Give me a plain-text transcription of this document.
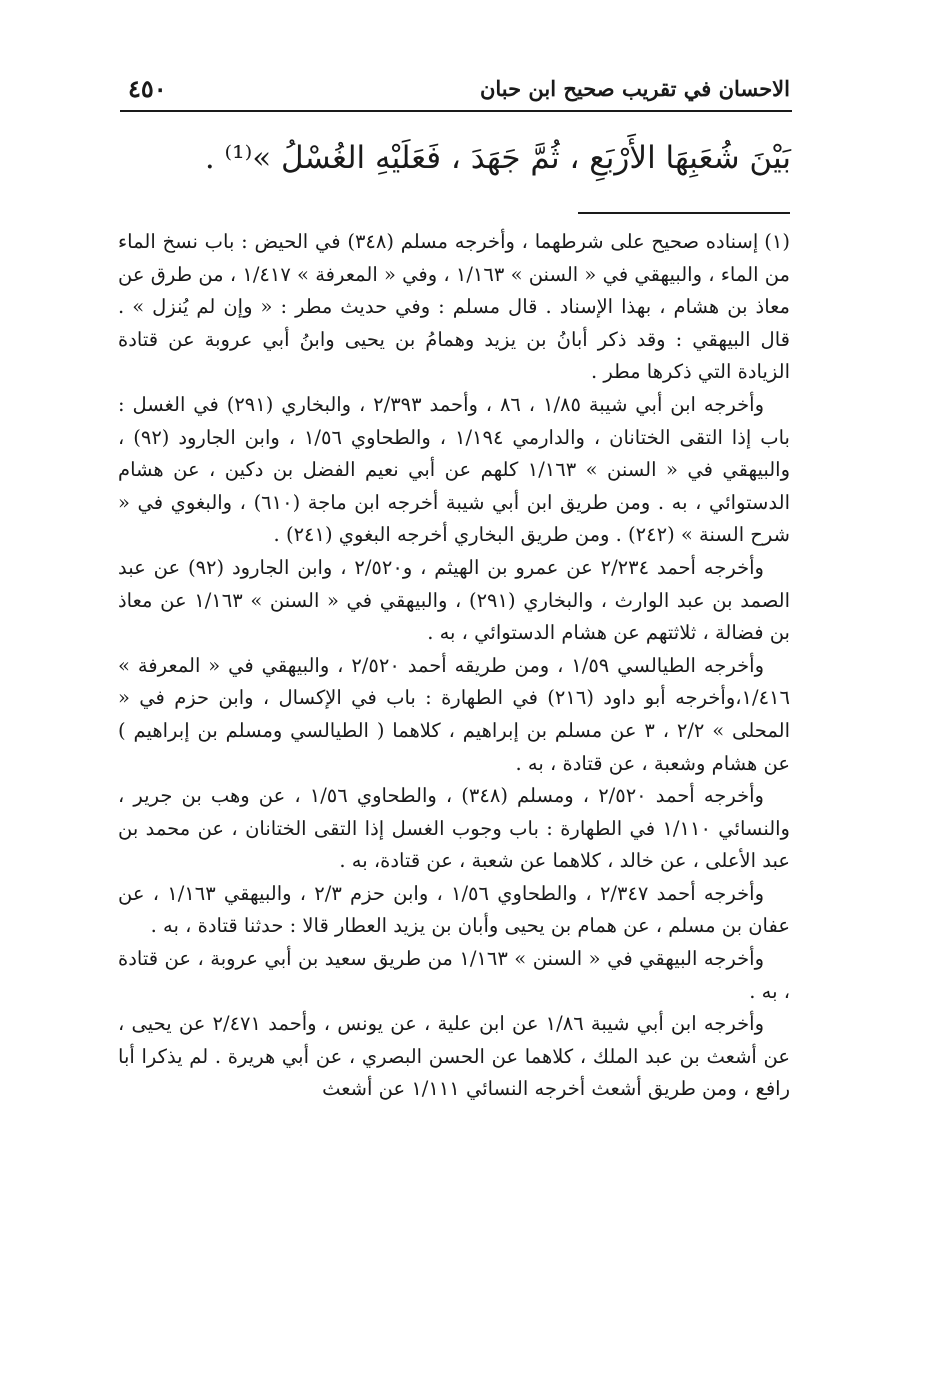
٤٥٠	الاحسان في تقريب صحيح ابن حبان
بَيْنَ شُعَبِهَا الأَرْبَعِ ، ثُمَّ جَهَدَ ، فَعَلَيْهِ الغُسْلُ »⁽¹⁾ .

(١)إسناده صحيح على شرطهما ، وأخرجه مسلم (٣٤٨) في الحيض : باب نسخ الماء من الماء ، والبيهقي في « السنن » ١/١٦٣ ، وفي « المعرفة » ١/٤١٧ ، من طرق عن معاذ بن هشام ، بهذا الإسناد . قال مسلم : وفي حديث مطر : « وإن لم يُنزل » . قال البيهقي : وقد ذكر أبانُ بن يزيد وهمامُ بن يحيى وابنُ أبي عروبة عن قتادة الزيادة التي ذكرها مطر .

وأخرجه ابن أبي شيبة ١/٨٥ ، ٨٦ ، وأحمد ٢/٣٩٣ ، والبخاري (٢٩١) في الغسل : باب إذا التقى الختانان ، والدارمي ١/١٩٤ ، والطحاوي ١/٥٦ ، وابن الجارود (٩٢) ، والبيهقي في « السنن » ١/١٦٣ كلهم عن أبي نعيم الفضل بن دكين ، عن هشام الدستوائي ، به . ومن طريق ابن أبي شيبة أخرجه ابن ماجة (٦١٠) ، والبغوي في « شرح السنة » (٢٤٢) . ومن طريق البخاري أخرجه البغوي (٢٤١) .

وأخرجه أحمد ٢/٢٣٤ عن عمرو بن الهيثم ، و٢/٥٢٠ ، وابن الجارود (٩٢) عن عبد الصمد بن عبد الوارث ، والبخاري (٢٩١) ، والبيهقي في « السنن » ١/١٦٣ عن معاذ بن فضالة ، ثلاثتهم عن هشام الدستوائي ، به .

وأخرجه الطيالسي ١/٥٩ ، ومن طريقه أحمد ٢/٥٢٠ ، والبيهقي في « المعرفة » ١/٤١٦،وأخرجه أبو داود (٢١٦) في الطهارة : باب في الإكسال ، وابن حزم في « المحلى » ٢/٢ ، ٣ عن مسلم بن إبراهيم ، كلاهما ( الطيالسي ومسلم بن إبراهيم ) عن هشام وشعبة ، عن قتادة ، به .

وأخرجه أحمد ٢/٥٢٠ ، ومسلم (٣٤٨) ، والطحاوي ١/٥٦ ، عن وهب بن جرير ، والنسائي ١/١١٠ في الطهارة : باب وجوب الغسل إذا التقى الختانان ، عن محمد بن عبد الأعلى ، عن خالد ، كلاهما عن شعبة ، عن قتادة، به .

وأخرجه أحمد ٢/٣٤٧ ، والطحاوي ١/٥٦ ، وابن حزم ٢/٣ ، والبيهقي ١/١٦٣ ، عن عفان بن مسلم ، عن همام بن يحيى وأبان بن يزيد العطار قالا : حدثنا قتادة ، به .

وأخرجه البيهقي في « السنن » ١/١٦٣ من طريق سعيد بن أبي عروبة ، عن قتادة ، به .

وأخرجه ابن أبي شيبة ١/٨٦ عن ابن علية ، عن يونس ، وأحمد ٢/٤٧١ عن يحيى ، عن أشعث بن عبد الملك ، كلاهما عن الحسن البصري ، عن أبي هريرة . لم يذكرا أبا رافع ، ومن طريق أشعث أخرجه النسائي ١/١١١ عن أشعث
